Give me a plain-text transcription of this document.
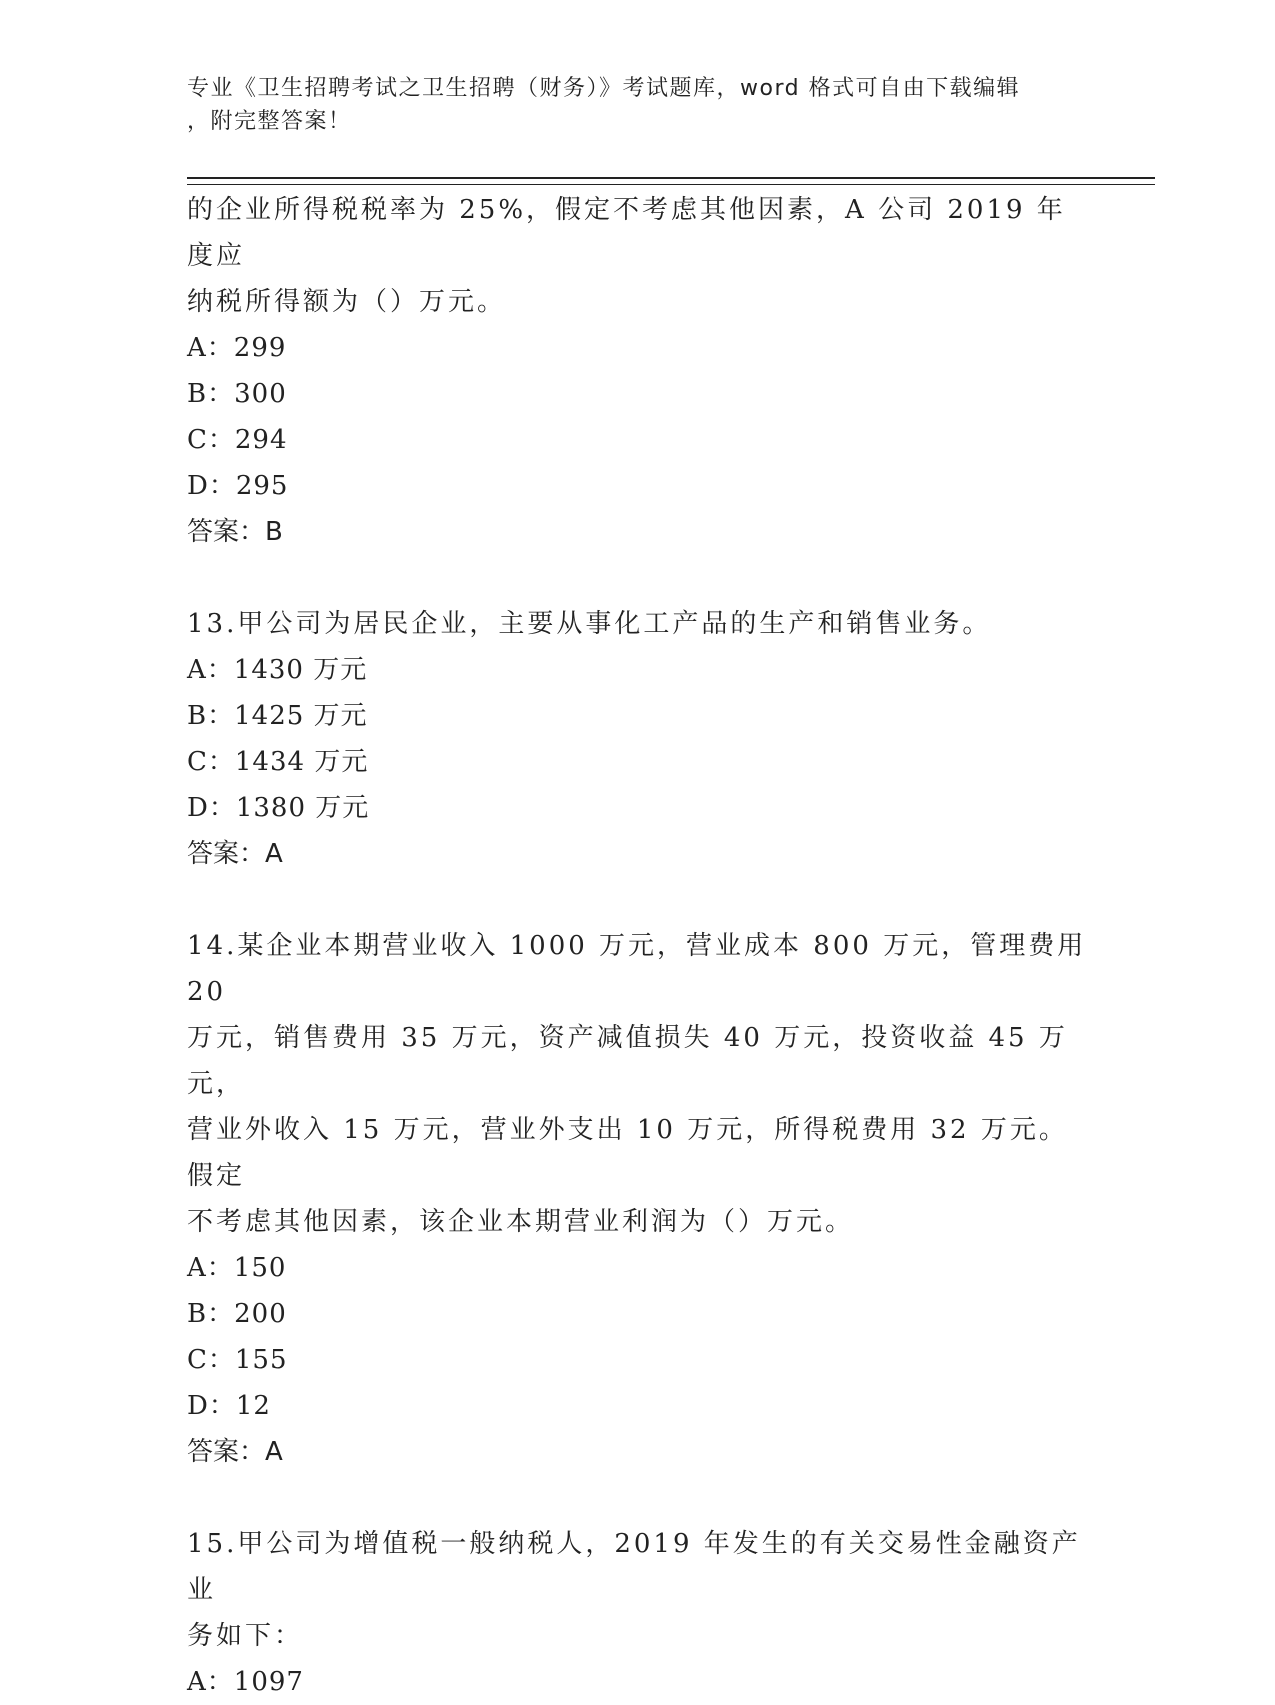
专业《卫生招聘考试之卫生招聘（财务）》考试题库，word 格式可自由下载编辑
，附完整答案！

的企业所得税税率为 25%，假定不考虑其他因素，A 公司 2019 年度应

纳税所得额为（）万元。

A：299

B：300

C：294

D：295

答案：B

13.甲公司为居民企业，主要从事化工产品的生产和销售业务。

A：1430 万元

B：1425 万元

C：1434 万元

D：1380 万元

答案：A

14.某企业本期营业收入 1000 万元，营业成本 800 万元，管理费用 20

万元，销售费用 35 万元，资产减值损失 40 万元，投资收益 45 万元，

营业外收入 15 万元，营业外支出 10 万元，所得税费用 32 万元。假定

不考虑其他因素，该企业本期营业利润为（）万元。

A：150

B：200

C：155

D：12

答案：A

15.甲公司为增值税一般纳税人，2019 年发生的有关交易性金融资产业

务如下：

A：1097
